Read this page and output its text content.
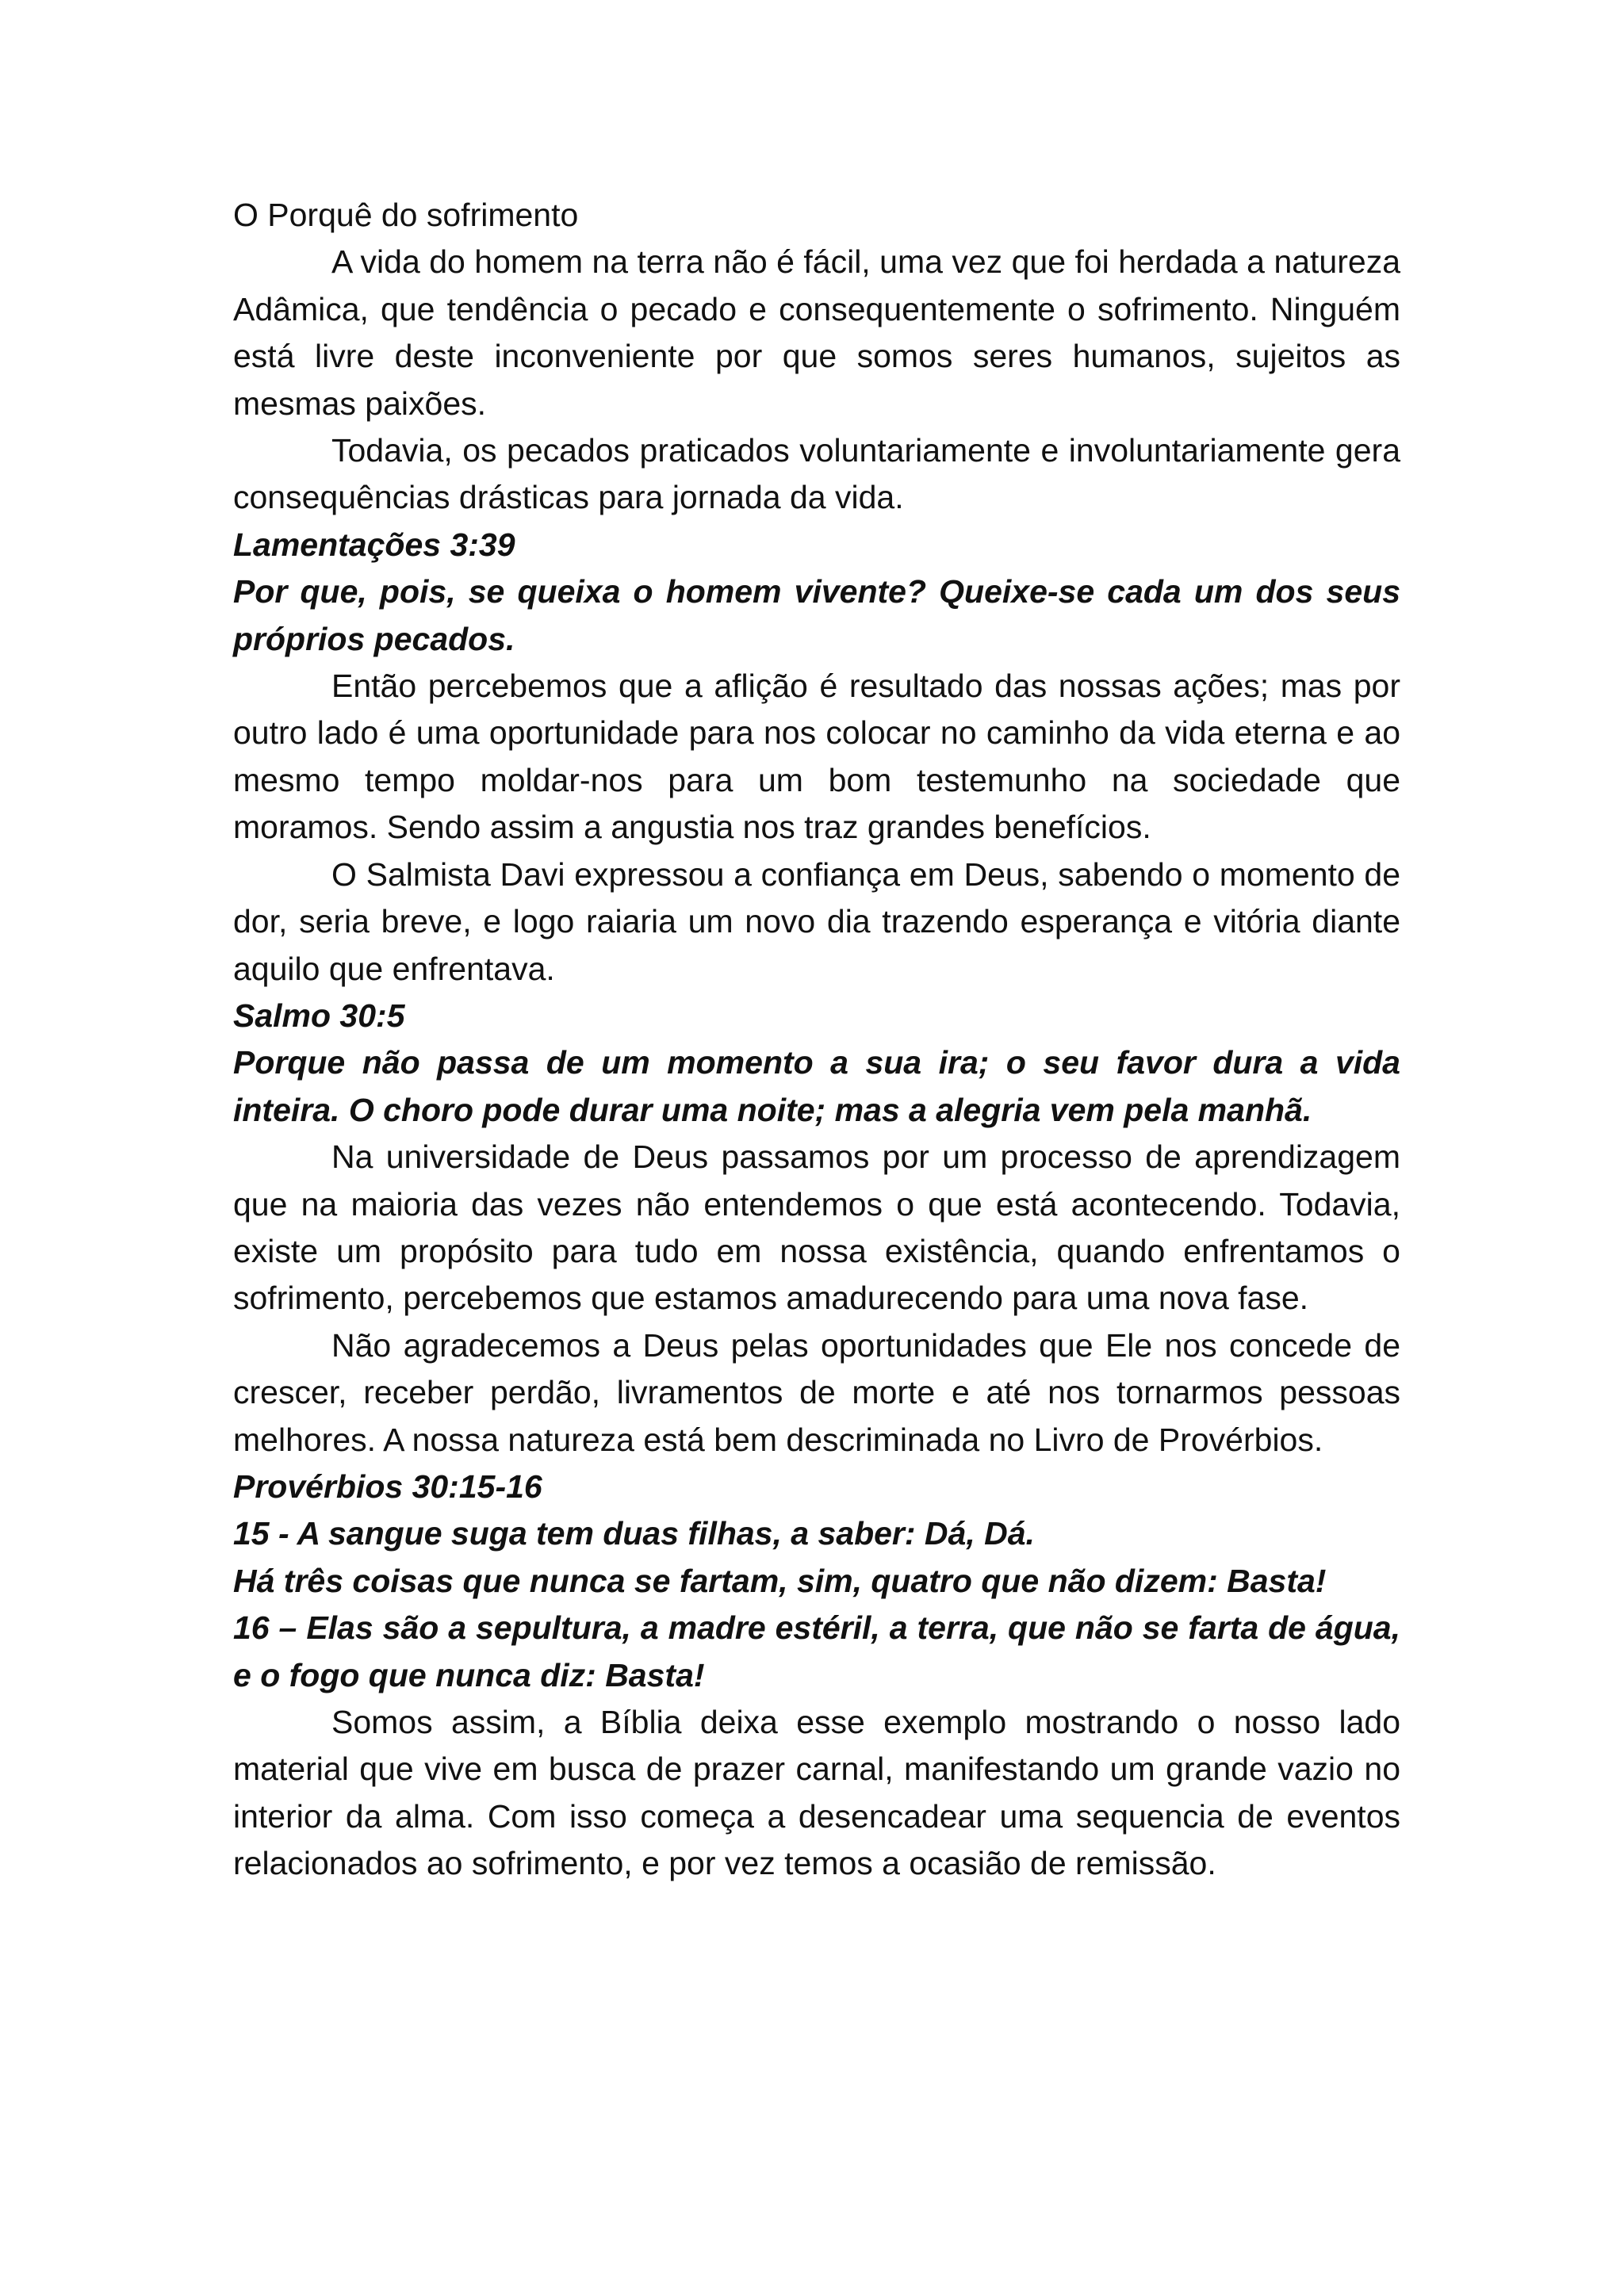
O Porquê do sofrimento

A vida do homem na terra não é fácil, uma vez que foi herdada a natureza Adâmica, que tendência o pecado e consequentemente o sofrimento. Ninguém está livre deste inconveniente por que somos seres humanos, sujeitos as mesmas paixões.

Todavia, os pecados praticados voluntariamente e involuntariamente gera consequências drásticas para jornada da vida.

Lamentações 3:39

Por que, pois, se queixa o homem vivente? Queixe-se cada um dos seus próprios pecados.

Então percebemos que a aflição é resultado das nossas ações; mas por outro lado é uma oportunidade para nos colocar no caminho da vida eterna e ao mesmo tempo moldar-nos para um bom testemunho na sociedade que moramos. Sendo assim a angustia nos traz grandes benefícios.

O Salmista Davi expressou a confiança em Deus, sabendo o momento de dor, seria breve, e logo raiaria um novo dia trazendo esperança e vitória diante aquilo que enfrentava.

Salmo 30:5

Porque não passa de um momento a sua ira; o seu favor dura a vida inteira. O choro pode durar uma noite; mas a alegria vem pela manhã.

Na universidade de Deus passamos por um processo de aprendizagem que na maioria das vezes não entendemos o que está acontecendo. Todavia, existe um propósito para tudo em nossa existência, quando enfrentamos o sofrimento, percebemos que estamos amadurecendo para uma nova fase.

Não agradecemos a Deus pelas oportunidades que Ele nos concede de crescer, receber perdão, livramentos de morte e até nos tornarmos pessoas melhores. A nossa natureza está bem descriminada no Livro de Provérbios.

Provérbios 30:15-16

15 - A sangue suga tem duas filhas, a saber: Dá, Dá.

Há três coisas que nunca se fartam, sim, quatro que não dizem: Basta!

16 – Elas são a sepultura, a madre estéril, a terra, que não se farta de água, e o fogo que nunca diz: Basta!

Somos assim, a Bíblia deixa esse exemplo mostrando o nosso lado material que vive em busca de prazer carnal, manifestando um grande vazio no interior da alma. Com isso começa a desencadear uma sequencia de eventos relacionados ao sofrimento, e por vez temos a ocasião de remissão.
